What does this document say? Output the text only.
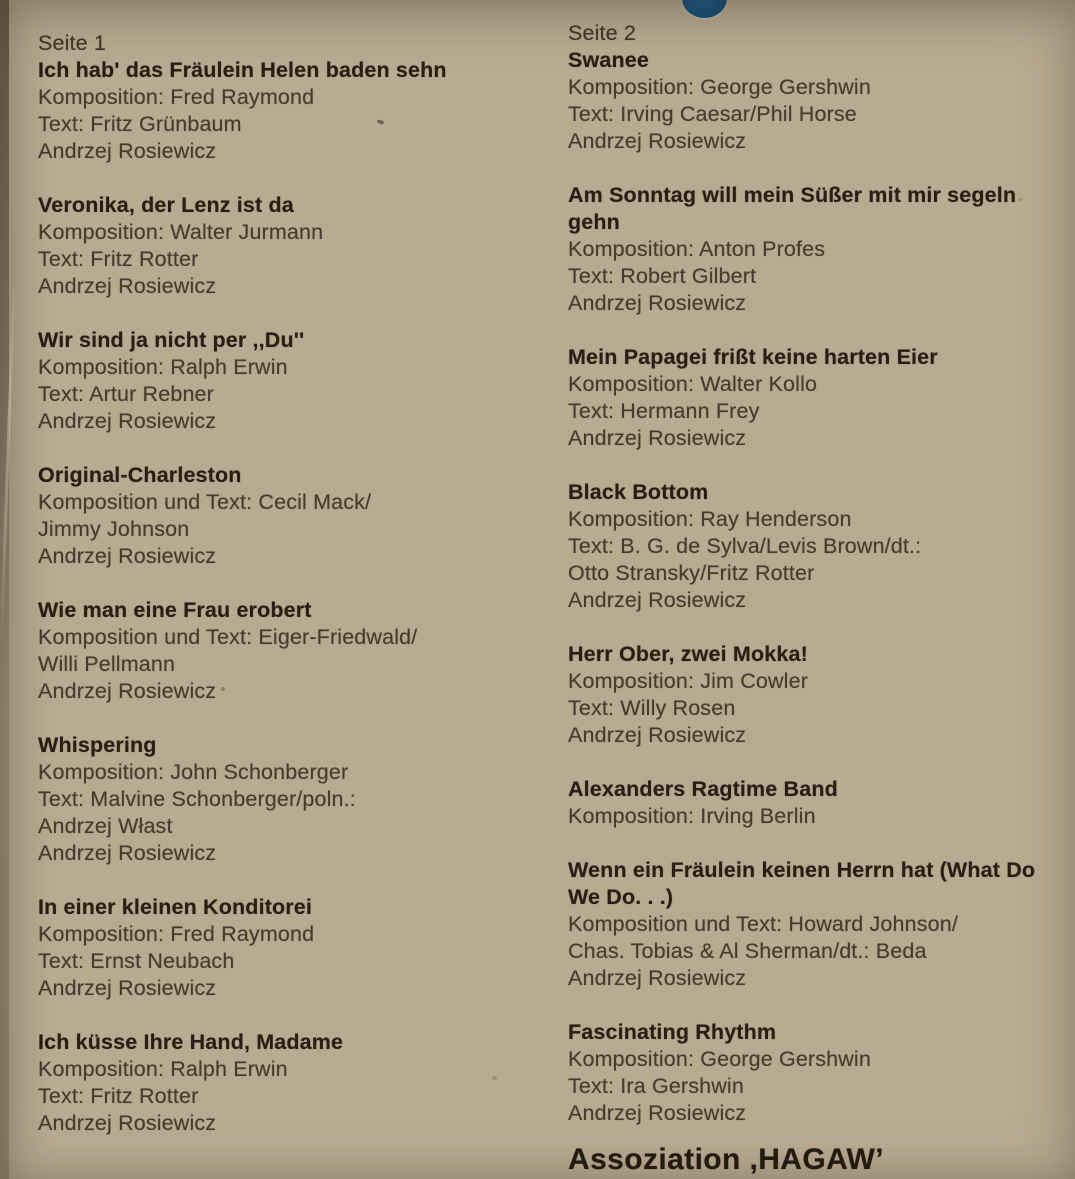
Seite 1
Ich hab' das Fräulein Helen baden sehn
Komposition: Fred Raymond
Text: Fritz Grünbaum
Andrzej Rosiewicz
Veronika, der Lenz ist da
Komposition: Walter Jurmann
Text: Fritz Rotter
Andrzej Rosiewicz
Wir sind ja nicht per ,,Du''
Komposition: Ralph Erwin
Text: Artur Rebner
Andrzej Rosiewicz
Original-Charleston
Komposition und Text: Cecil Mack/
Jimmy Johnson
Andrzej Rosiewicz
Wie man eine Frau erobert
Komposition und Text: Eiger-Friedwald/
Willi Pellmann
Andrzej Rosiewicz
Whispering
Komposition: John Schonberger
Text: Malvine Schonberger/poln.:
Andrzej Włast
Andrzej Rosiewicz
In einer kleinen Konditorei
Komposition: Fred Raymond
Text: Ernst Neubach
Andrzej Rosiewicz
Ich küsse Ihre Hand, Madame
Komposition: Ralph Erwin
Text: Fritz Rotter
Andrzej Rosiewicz
Seite 2
Swanee
Komposition: George Gershwin
Text: Irving Caesar/Phil Horse
Andrzej Rosiewicz
Am Sonntag will mein Süßer mit mir segeln gehn
Komposition: Anton Profes
Text: Robert Gilbert
Andrzej Rosiewicz
Mein Papagei frißt keine harten Eier
Komposition: Walter Kollo
Text: Hermann Frey
Andrzej Rosiewicz
Black Bottom
Komposition: Ray Henderson
Text: B. G. de Sylva/Levis Brown/dt.:
Otto Stransky/Fritz Rotter
Andrzej Rosiewicz
Herr Ober, zwei Mokka!
Komposition: Jim Cowler
Text: Willy Rosen
Andrzej Rosiewicz
Alexanders Ragtime Band
Komposition: Irving Berlin
Wenn ein Fräulein keinen Herrn hat (What Do We Do. . .)
Komposition und Text: Howard Johnson/
Chas. Tobias & Al Sherman/dt.: Beda
Andrzej Rosiewicz
Fascinating Rhythm
Komposition: George Gershwin
Text: Ira Gershwin
Andrzej Rosiewicz
Assoziation ,HAGAW’
